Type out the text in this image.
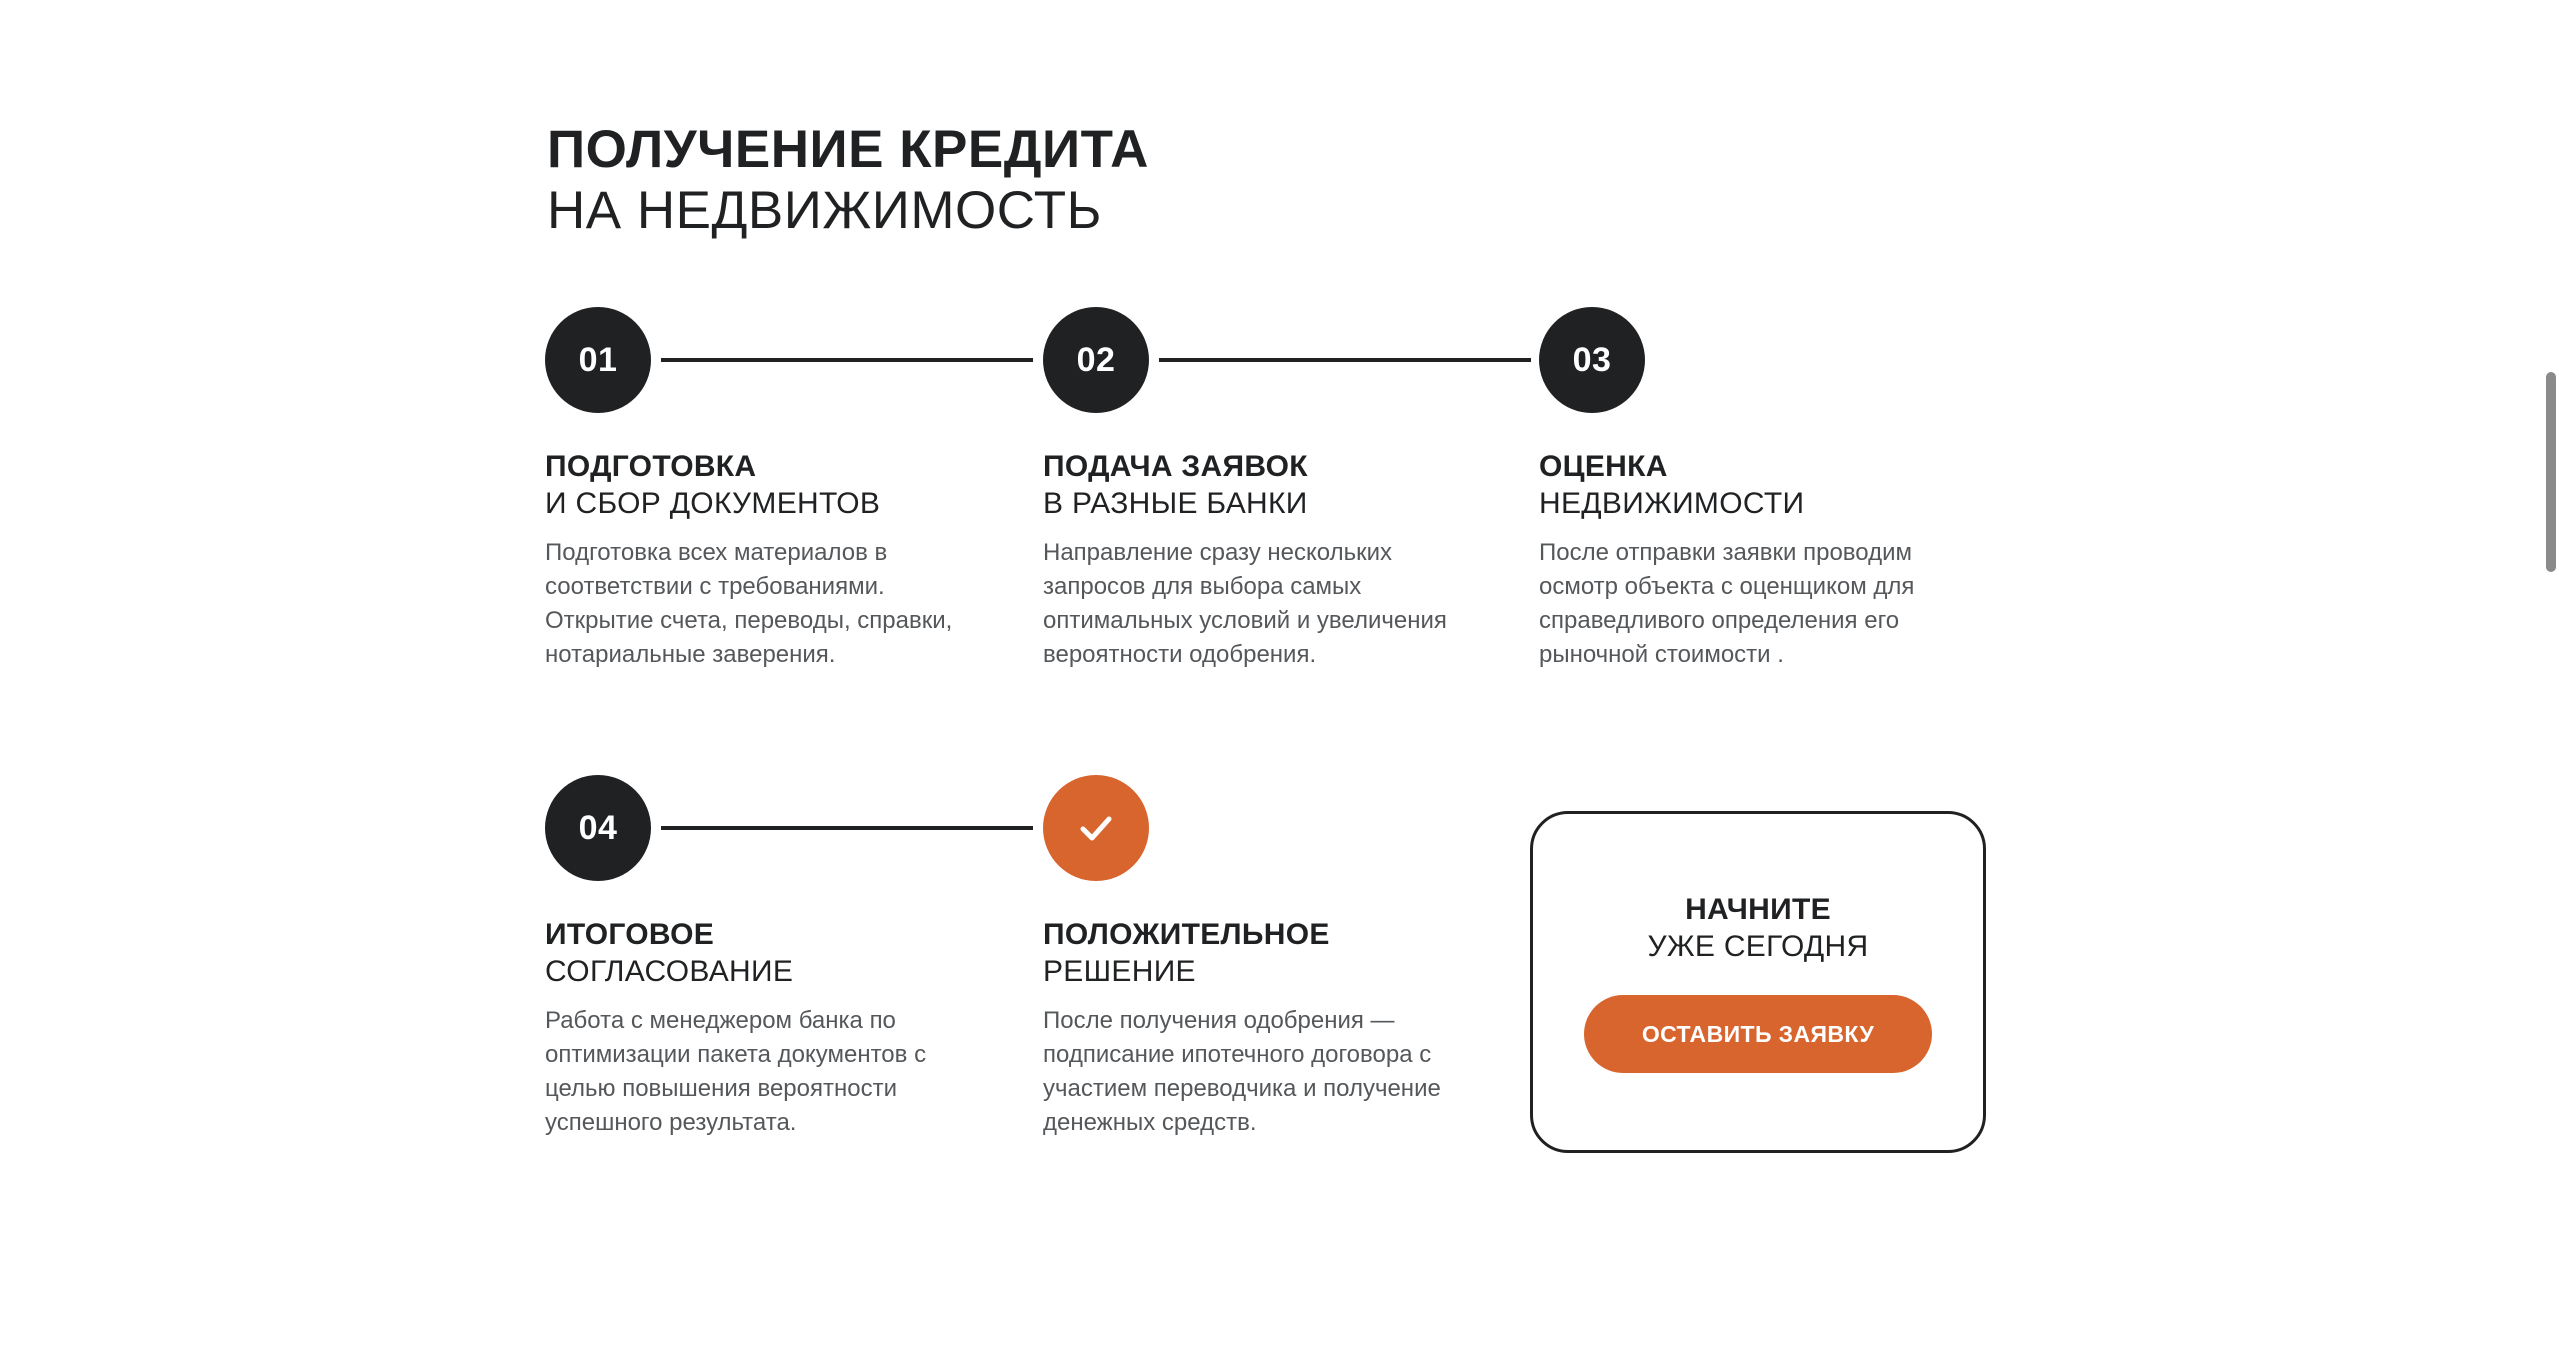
ПОЛУЧЕНИЕ КРЕДИТА
НА НЕДВИЖИМОСТЬ
01
ПОДГОТОВКА
И СБОР ДОКУМЕНТОВ
Подготовка всех материалов в соответствии с требованиями. Открытие счета, переводы, справки, нотариальные заверения.
02
ПОДАЧА ЗАЯВОК
В РАЗНЫЕ БАНКИ
Направление сразу нескольких запросов для выбора самых оптимальных условий и увеличения вероятности одобрения.
03
ОЦЕНКА
НЕДВИЖИМОСТИ
После отправки заявки проводим осмотр объекта с оценщиком для справедливого определения его рыночной стоимости .
04
ИТОГОВОЕ
СОГЛАСОВАНИЕ
Работа с менеджером банка по оптимизации пакета документов с целью повышения вероятности успешного результата.
ПОЛОЖИТЕЛЬНОЕ
РЕШЕНИЕ
После получения одобрения — подписание ипотечного договора с участием переводчика и получение денежных средств.
НАЧНИТЕ
УЖЕ СЕГОДНЯ
ОСТАВИТЬ ЗАЯВКУ
